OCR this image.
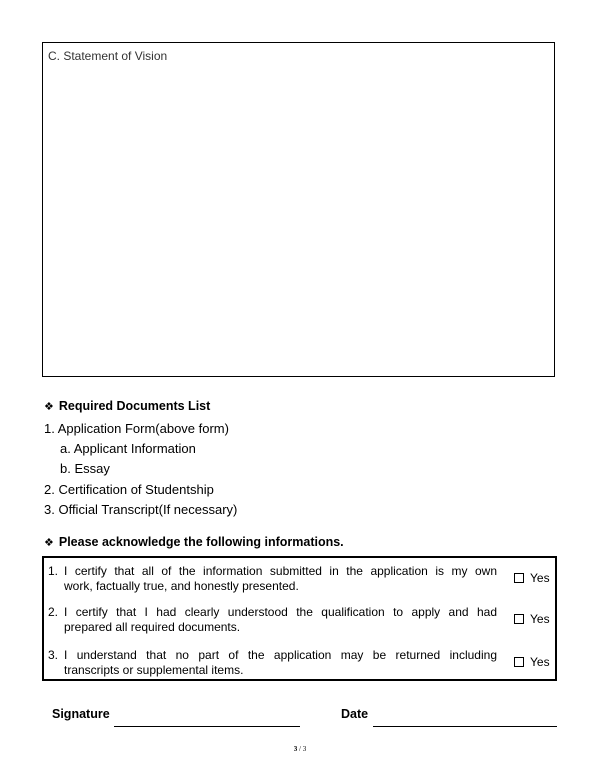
C. Statement of Vision
❖ Required Documents List
1. Application Form(above form)
a. Applicant Information
b. Essay
2. Certification of Studentship
3. Official Transcript(If necessary)
❖ Please acknowledge the following informations.
1. I certify that all of the information submitted in the application is my own
work, factually true, and honestly presented.
Yes
2. I certify that I had clearly understood the qualification to apply and had
prepared all required documents.
Yes
3. I understand that no part of the application may be returned including
transcripts or supplemental items.
Yes
Signature	Date
3 / 3
